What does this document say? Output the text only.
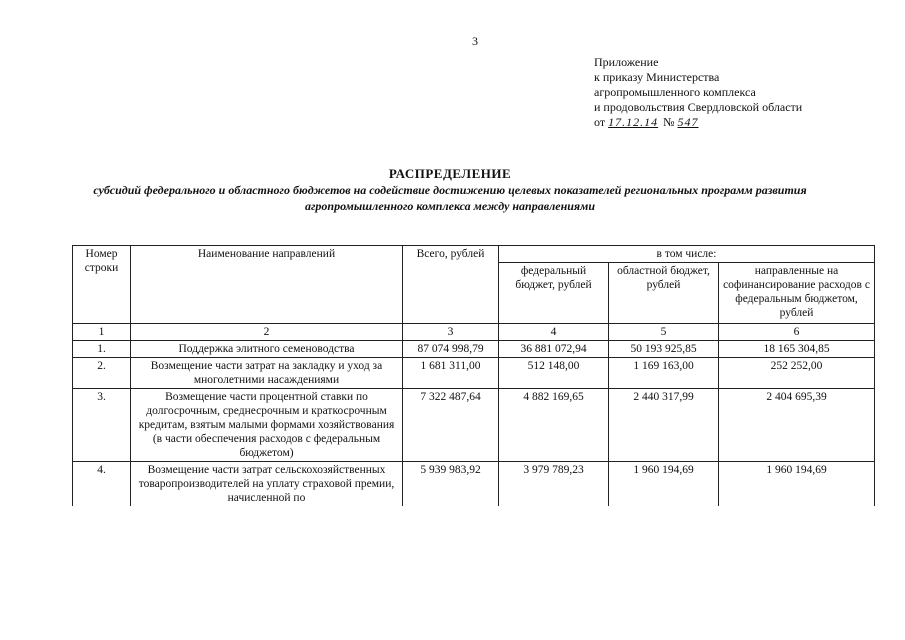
3
Приложение
к приказу Министерства
агропромышленного комплекса
и продовольствия Свердловской области
от 17.12.14 № 547
РАСПРЕДЕЛЕНИЕ
субсидий федерального и областного бюджетов на содействие достижению целевых показателей региональных программ развития агропромышленного комплекса между направлениями
Номер строки	Наименование направлений	Всего, рублей	в том числе:		
			федеральный бюджет, рублей	областной бюджет, рублей	направленные на софинансирование расходов с федеральным бюджетом, рублей
1	2	3	4	5	6
1.	Поддержка элитного семеноводства	87 074 998,79	36 881 072,94	50 193 925,85	18 165 304,85
2.	Возмещение части затрат на закладку и уход за многолетними насаждениями	1 681 311,00	512 148,00	1 169 163,00	252 252,00
3.	Возмещение части процентной ставки по долгосрочным, среднесрочным и краткосрочным кредитам, взятым малыми формами хозяйствования (в части обеспечения расходов с федеральным бюджетом)	7 322 487,64	4 882 169,65	2 440 317,99	2 404 695,39
4.	Возмещение части затрат сельскохозяйственных товаропроизводителей на уплату страховой премии, начисленной по	5 939 983,92	3 979 789,23	1 960 194,69	1 960 194,69
